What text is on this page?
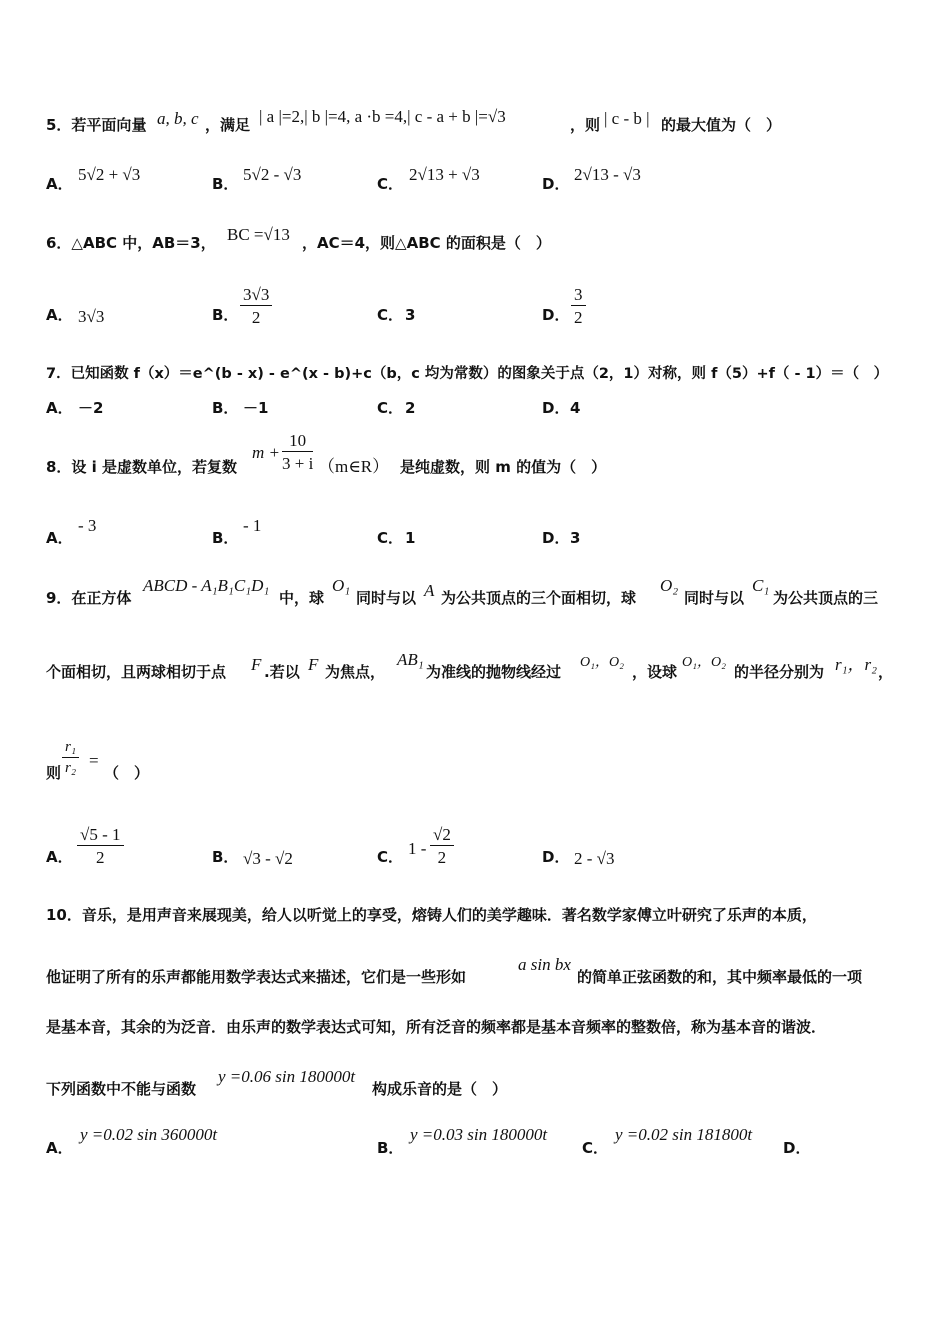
5．若平面向量 a, b, c ，满足 | a |=2,| b |=4, a ·b =4,| c - a + b |=√3	，则 | c - b | 的最大值为（　）
A． 5√2 + √3	B． 5√2 - √3	C． 2√13 + √3	D． 2√13 - √3
6．△ABC 中，AB＝3， BC =√13 ，AC＝4，则△ABC 的面积是（　）
A． 3√3	B． $\frac{3√3}{2}$	C． 3	D． $\frac{3}{2}$
7．已知函数 f（x）＝e^(b - x) - e^(x - b)+c（b，c 均为常数）的图象关于点（2，1）对称，则 f（5）+f（ - 1）＝（　）
A． －2	B． －1	C． 2	D． 4
8．设 i 是虚数单位，若复数
$m + \frac{10}{3 + i}$ （m∈R） 是纯虚数，则 m 的值为（　）
A．
- 3
B．
- 1
C． 1	D． 3
9．在正方体
ABCD - A₁B₁C₁D₁
中，球
O₁
同时与以 A 为公共顶点的三个面相切，球
O₂
同时与以
C₁
为公共顶点的三
个面相切，且两球相切于点 F .若以 F 为焦点，
AB₁
为准线的抛物线经过
O₁，O₂
，设球
O₁，O₂
的半径分别为 r₁，r₂ ，
则 $\frac{\text{r₁}}{\text{r₂}}$ =
（　）
A． $\frac{√5 - 1}{2}$	B． √3 - √2	C． $1 - \frac{√2}{2}$	D． 2 - √3
10．音乐，是用声音来展现美，给人以听觉上的享受，熔铸人们的美学趣味．著名数学家傅立叶研究了乐声的本质，
他证明了所有的乐声都能用数学表达式来描述，它们是一些形如
a sin bx
的简单正弦函数的和，其中频率最低的一项
是基本音，其余的为泛音．由乐声的数学表达式可知，所有泛音的频率都是基本音频率的整数倍，称为基本音的谐波．
下列函数中不能与函数
y =0.06 sin 180000t
构成乐音的是（　）
A．
y =0.02 sin 360000t
B．
y =0.03 sin 180000t
C．
y =0.02 sin 181800t
D．
